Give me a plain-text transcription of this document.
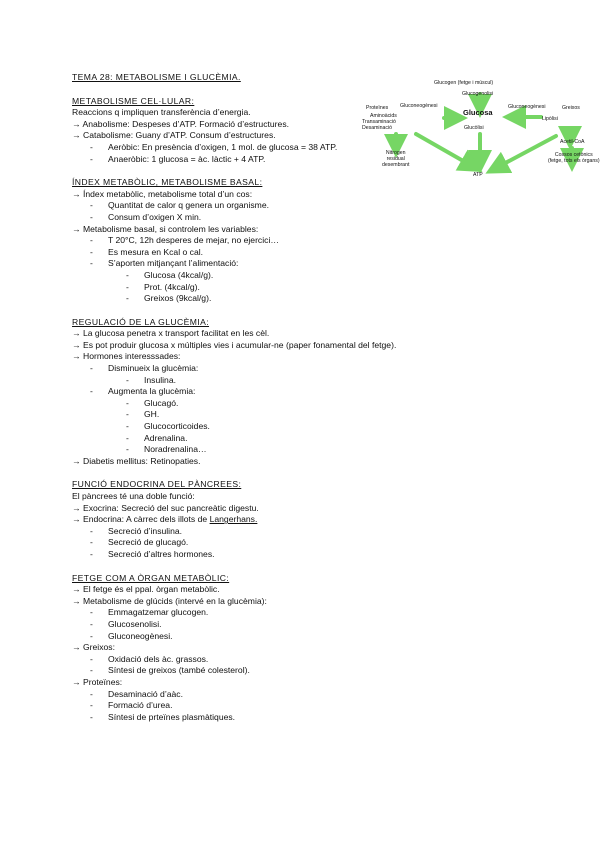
TEMA 28: METABOLISME I GLUCÈMIA.
METABOLISME CEL·LULAR:
Reaccions q impliquen transferència d’energia.
→ Anabolisme: Despeses d’ATP. Formació d’estructures.
→ Catabolisme: Guany d’ATP. Consum d’estructures.
- Aeròbic: En presència d’oxigen, 1 mol. de glucosa = 38 ATP.
- Anaeròbic: 1 glucosa = àc. làctic + 4 ATP.
ÍNDEX METABÒLIC, METABOLISME BASAL:
→ Índex metabòlic, metabolisme total d’un cos:
- Quantitat de calor q genera un organisme.
- Consum d’oxigen X min.
→ Metabolisme basal, si controlem les variables:
- T 20°C, 12h desperes de mejar, no ejercici…
- Es mesura en Kcal o cal.
- S’aporten mitjançant l’alimentació:
- Glucosa (4kcal/g).
- Prot. (4kcal/g).
- Greixos (9kcal/g).
REGULACIÓ DE LA GLUCÈMIA:
→ La glucosa penetra x transport facilitat en les cèl.
→ Es pot produir glucosa x múltiples vies i acumular-ne (paper fonamental del fetge).
→ Hormones interesssades:
- Disminueix la glucèmia:
- Insulina.
- Augmenta la glucèmia:
- Glucagó.
- GH.
- Glucocorticoides.
- Adrenalina.
- Noradrenalina…
→ Diabetis mellitus: Retinopaties.
FUNCIÓ ENDOCRINA DEL PÀNCREES:
El pàncrees té una doble funció:
→ Exocrina: Secreció del suc pancreàtic digestu.
→ Endocrina: A càrrec dels illots de Langerhans.
- Secreció d’insulina.
- Secreció de glucagó.
- Secreció d’altres hormones.
FETGE COM A ÒRGAN METABÒLIC:
→ El fetge és el ppal. òrgan metabòlic.
→ Metabolisme de glúcids (intervé en la glucèmia):
- Emmagatzemar glucogen.
- Glucosenolisi.
- Gluconeogènesi.
→ Greixos:
- Oxidació dels àc. grassos.
- Síntesi de greixos (també colesterol).
→ Proteïnes:
- Desaminació d’aàc.
- Formació d’urea.
- Síntesi de prteïnes plasmàtiques.
Glucogen (fetge i múscul)
Glucogenolisi
Proteïnes Gluconeogènesi
Aminoàcids
Transaminació
Desaminació
Glucosa
Gluconeogènesi	Greixos
Lipòlisi
Glucòlisi
Acetil-CoA
Nitrogen
residual
desembrant
Cossos cetònics
(fetge, tots els òrgans)
ATP
